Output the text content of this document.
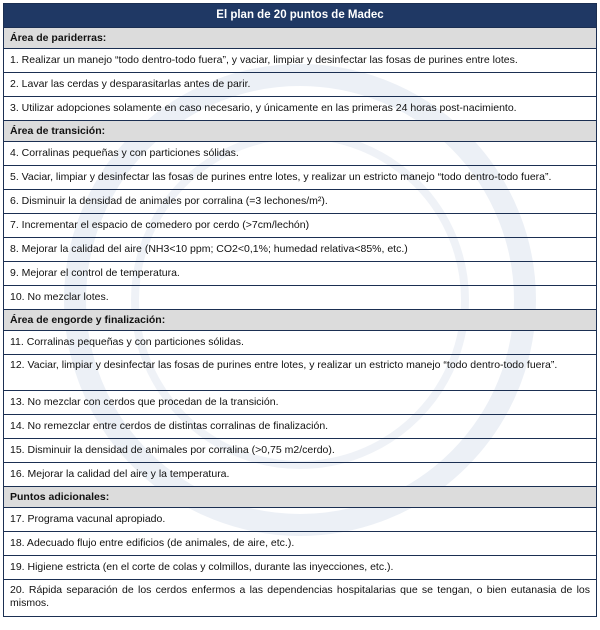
El plan de 20 puntos de Madec
Área de pariderras:
1. Realizar un manejo “todo dentro-todo fuera”, y vaciar, limpiar y desinfectar las fosas de purines entre lotes.
2. Lavar las cerdas y desparasitarlas antes de parir.
3. Utilizar adopciones solamente en caso necesario, y únicamente en las primeras 24 horas post-nacimiento.
Área de transición:
4. Corralinas pequeñas y con particiones sólidas.
5. Vaciar, limpiar y desinfectar las fosas de purines entre lotes, y realizar un estricto manejo “todo dentro-todo fuera”.
6. Disminuir la densidad de animales por corralina (=3 lechones/m²).
7. Incrementar el espacio de comedero por cerdo (>7cm/lechón)
8. Mejorar la calidad del aire (NH3<10 ppm; CO2<0,1%; humedad relativa<85%, etc.)
9. Mejorar el control de temperatura.
10. No mezclar lotes.
Área de engorde y finalización:
11. Corralinas pequeñas y con particiones sólidas.
12. Vaciar, limpiar y desinfectar las fosas de purines entre lotes, y realizar un estricto manejo “todo dentro-todo fuera”.
13. No mezclar con cerdos que procedan de la transición.
14. No remezclar entre cerdos de distintas corralinas de finalización.
15. Disminuir la densidad de animales por corralina (>0,75 m2/cerdo).
16. Mejorar la calidad del aire y la temperatura.
Puntos adicionales:
17. Programa vacunal apropiado.
18. Adecuado flujo entre edificios (de animales, de aire, etc.).
19. Higiene estricta (en el corte de colas y colmillos, durante las inyecciones, etc.).
20. Rápida separación de los cerdos enfermos a las dependencias hospitalarias que se tengan, o bien eutanasia de los mismos.
